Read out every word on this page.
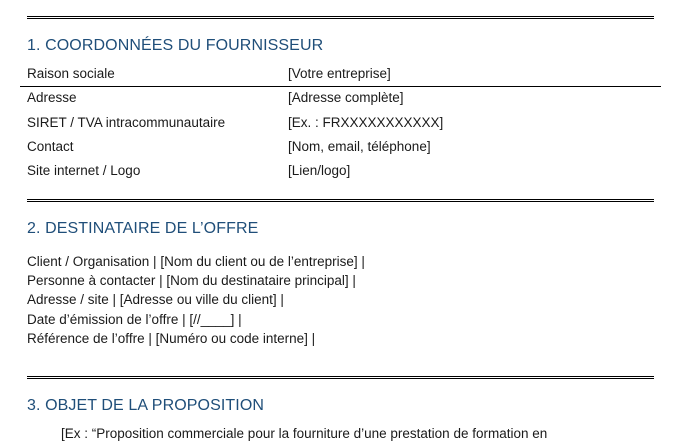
1. COORDONNÉES DU FOURNISSEUR
Raison sociale	[Votre entreprise]
Adresse	[Adresse complète]
SIRET / TVA intracommunautaire	[Ex. : FRXXXXXXXXXXX]
Contact	[Nom, email, téléphone]
Site internet / Logo	[Lien/logo]
2. DESTINATAIRE DE L’OFFRE
Client / Organisation | [Nom du client ou de l’entreprise] |
Personne à contacter | [Nom du destinataire principal] |
Adresse / site | [Adresse ou ville du client] |
Date d’émission de l’offre | [//____] |
Référence de l’offre | [Numéro ou code interne] |
3. OBJET DE LA PROPOSITION
[Ex : “Proposition commerciale pour la fourniture d’une prestation de formation en
